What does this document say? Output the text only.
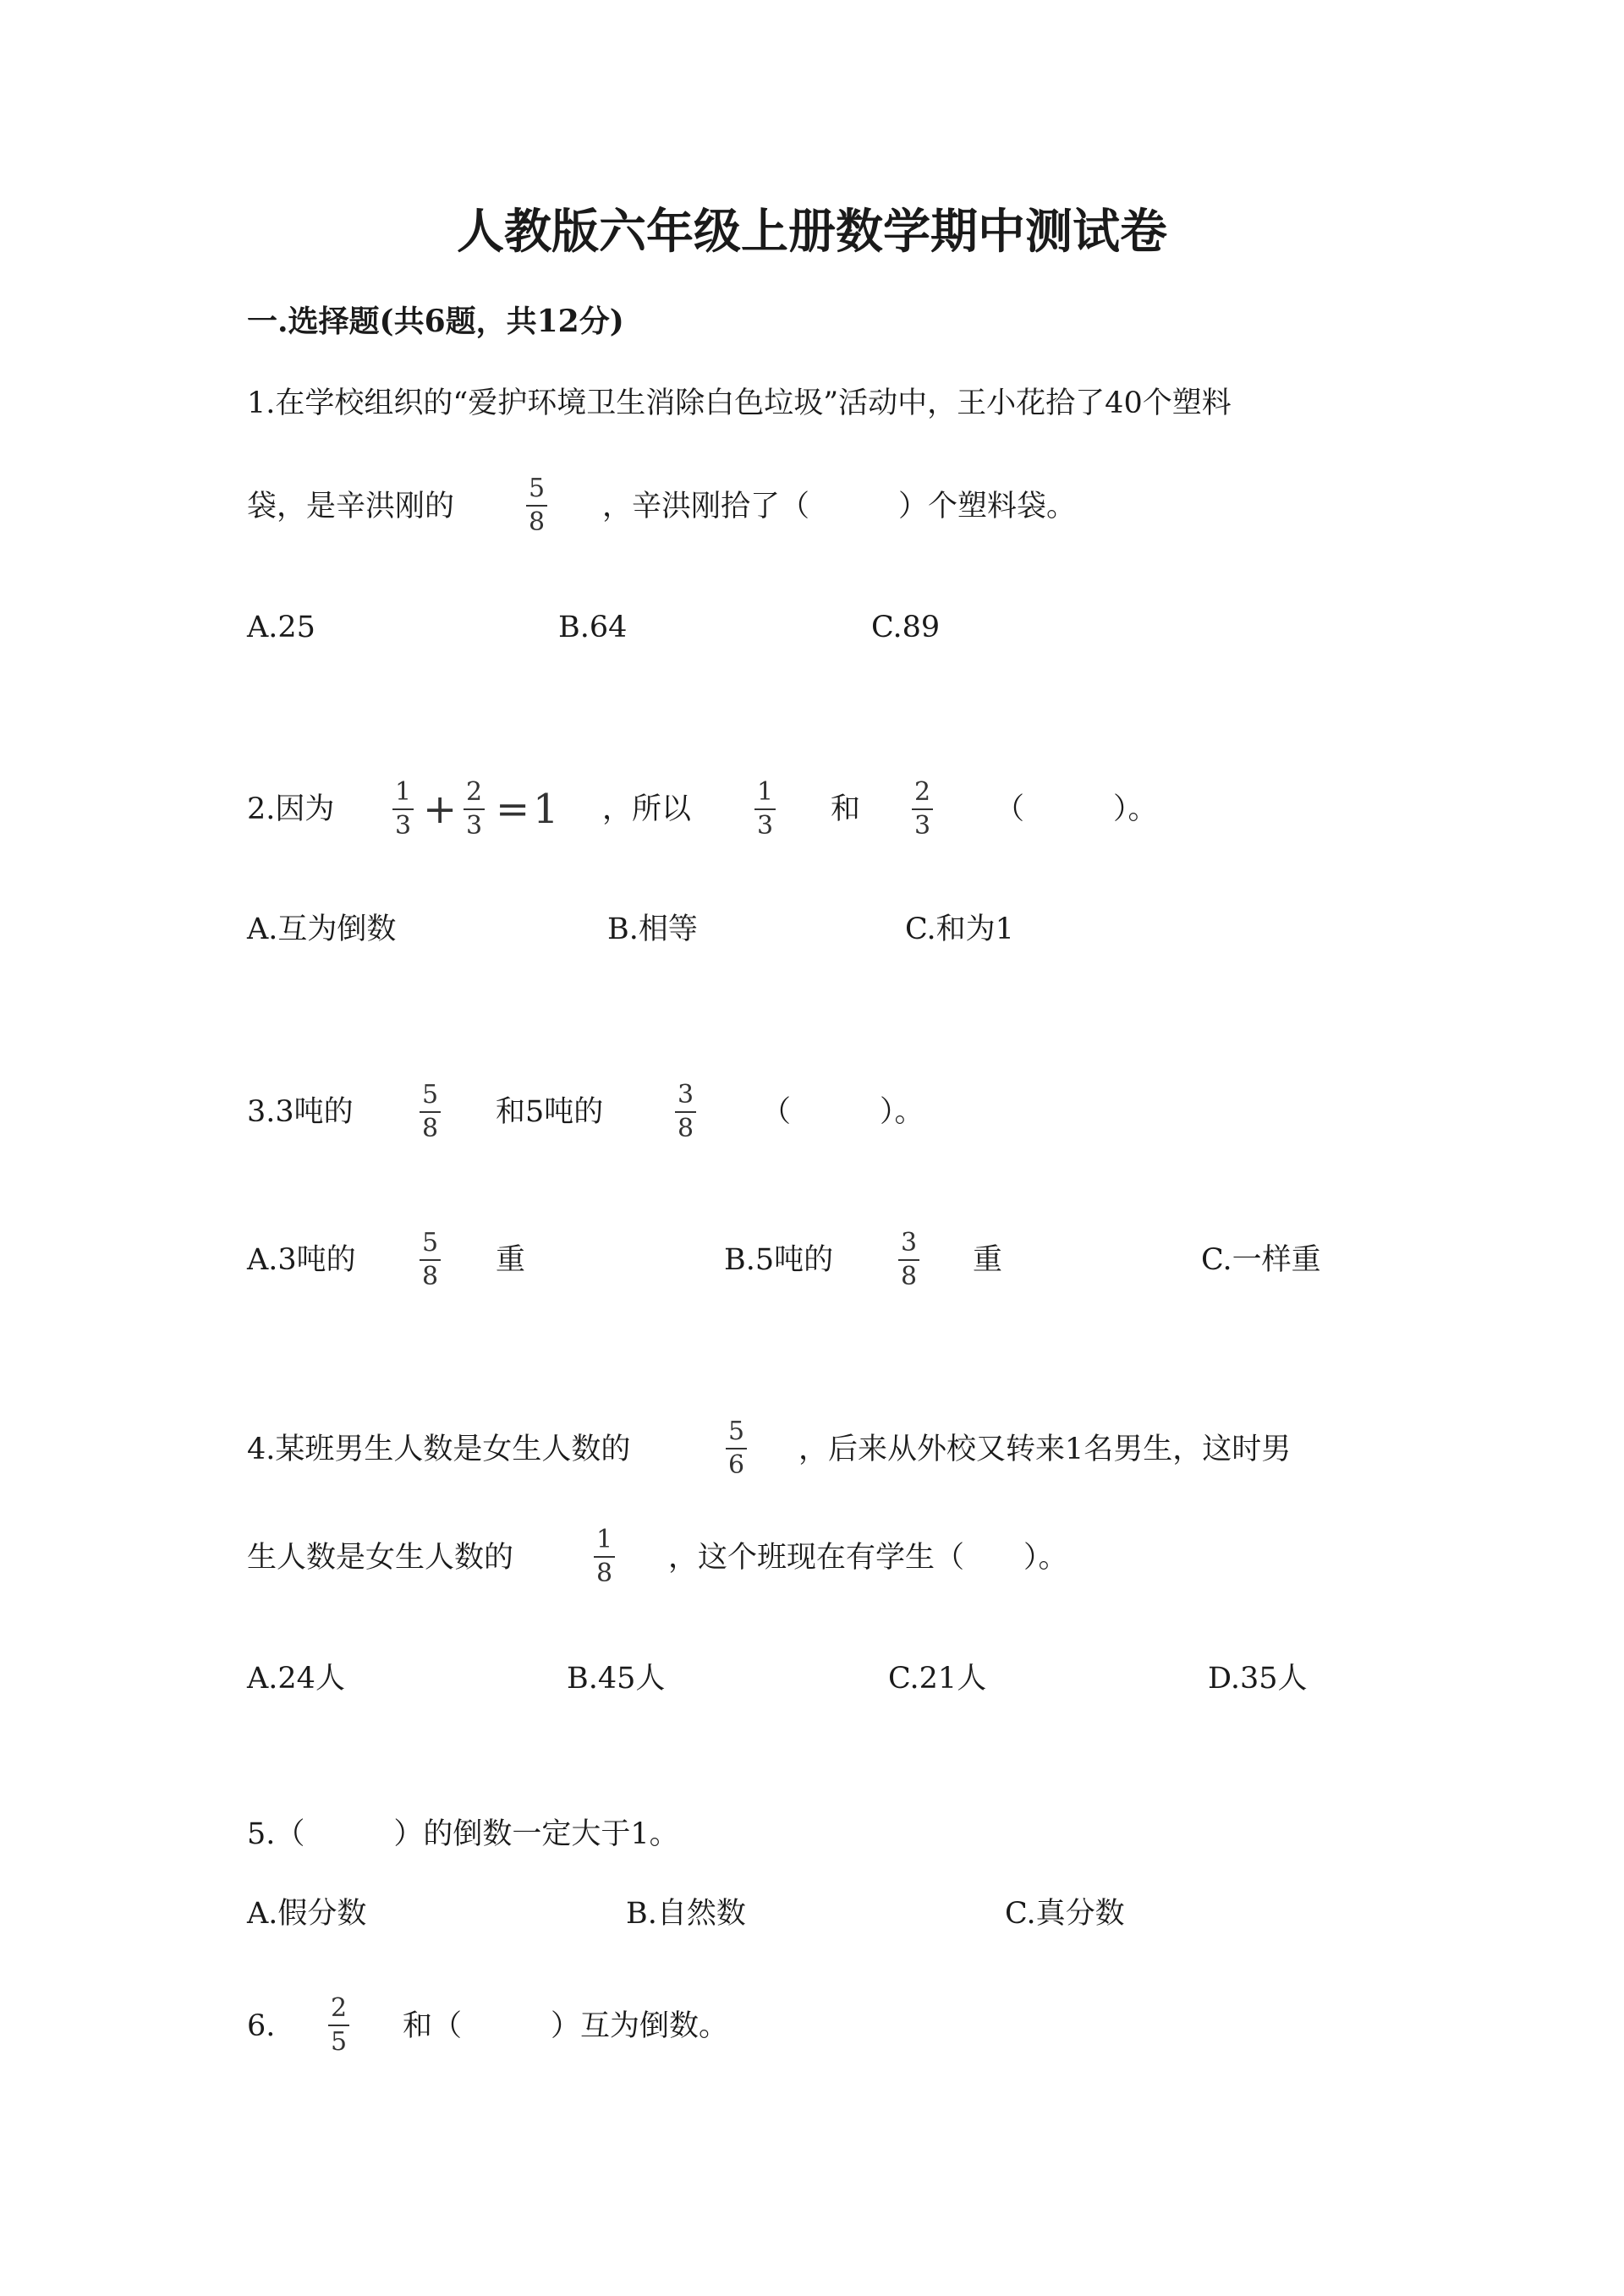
人教版六年级上册数学期中测试卷
一.选择题(共6题，共12分)
1.在学校组织的“爱护环境卫生消除白色垃圾”活动中，王小花拾了40个塑料
袋，是辛洪刚的
5
8 ，辛洪刚拾了（　　　）个塑料袋。
A.25	B.64	C.89
2.因为
1
3 + 2
3 = 1 ，所以
1
3 和
2
3 （　　　）。
A.互为倒数	B.相等	C.和为1
3.3吨的
5
8 和5吨的
3
8 （　　　）。
A.3吨的
5
8 重	B.5吨的
3
8 重	C.一样重
4.某班男生人数是女生人数的
5
6 ，后来从外校又转来1名男生，这时男
生人数是女生人数的
1
8 ，这个班现在有学生（　　）。
A.24人	B.45人	C.21人	D.35人
5.（　　　）的倒数一定大于1。
A.假分数	B.自然数	C.真分数
6.
2
5 和（　　　）互为倒数。
